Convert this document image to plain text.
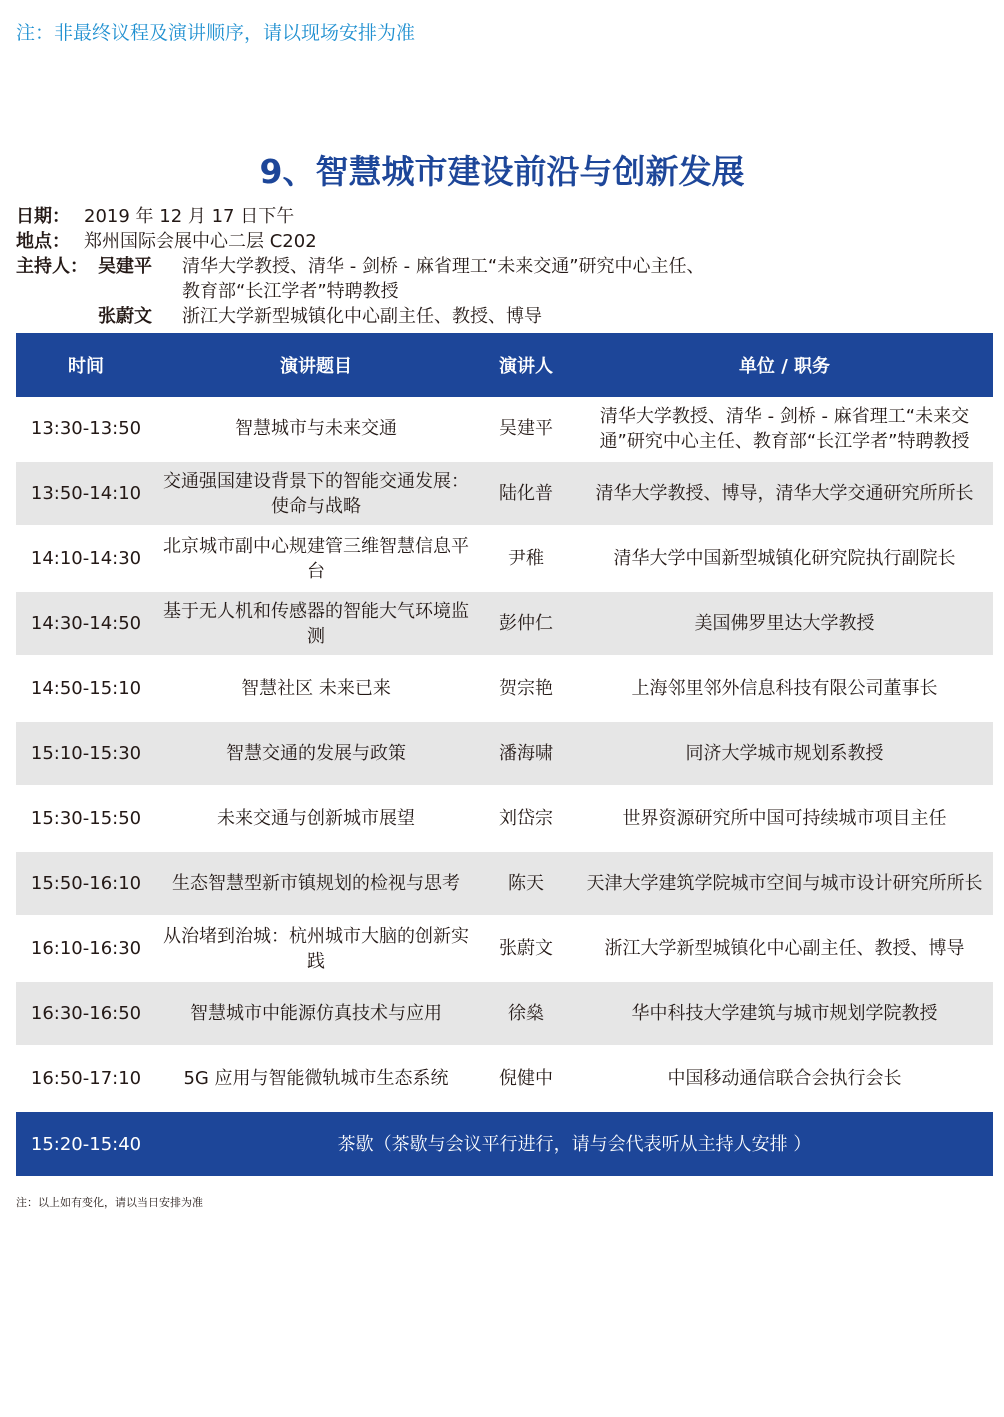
注：非最终议程及演讲顺序，请以现场安排为准
9、智慧城市建设前沿与创新发展
日期： 2019 年 12 月 17 日下午
地点： 郑州国际会展中心二层 C202
主持人： 吴建平 清华大学教授、清华 - 剑桥 - 麻省理工“未来交通”研究中心主任、
教育部“长江学者”特聘教授
张蔚文 浙江大学新型城镇化中心副主任、教授、博导
时间	演讲题目	演讲人	单位 / 职务
13:30-13:50	智慧城市与未来交通	吴建平	清华大学教授、清华 - 剑桥 - 麻省理工“未来交通”研究中心主任、教育部“长江学者”特聘教授
13:50-14:10	交通强国建设背景下的智能交通发展：使命与战略	陆化普	清华大学教授、博导，清华大学交通研究所所长
14:10-14:30	北京城市副中心规建管三维智慧信息平台	尹稚	清华大学中国新型城镇化研究院执行副院长
14:30-14:50	基于无人机和传感器的智能大气环境监测	彭仲仁	美国佛罗里达大学教授
14:50-15:10	智慧社区 未来已来	贺宗艳	上海邻里邻外信息科技有限公司董事长
15:10-15:30	智慧交通的发展与政策	潘海啸	同济大学城市规划系教授
15:30-15:50	未来交通与创新城市展望	刘岱宗	世界资源研究所中国可持续城市项目主任
15:50-16:10	生态智慧型新市镇规划的检视与思考	陈天	天津大学建筑学院城市空间与城市设计研究所所长
16:10-16:30	从治堵到治城：杭州城市大脑的创新实践	张蔚文	浙江大学新型城镇化中心副主任、教授、博导
16:30-16:50	智慧城市中能源仿真技术与应用	徐燊	华中科技大学建筑与城市规划学院教授
16:50-17:10	5G 应用与智能微轨城市生态系统	倪健中	中国移动通信联合会执行会长
15:20-15:40	茶歇（茶歇与会议平行进行，请与会代表听从主持人安排 ）		
注：以上如有变化，请以当日安排为准
